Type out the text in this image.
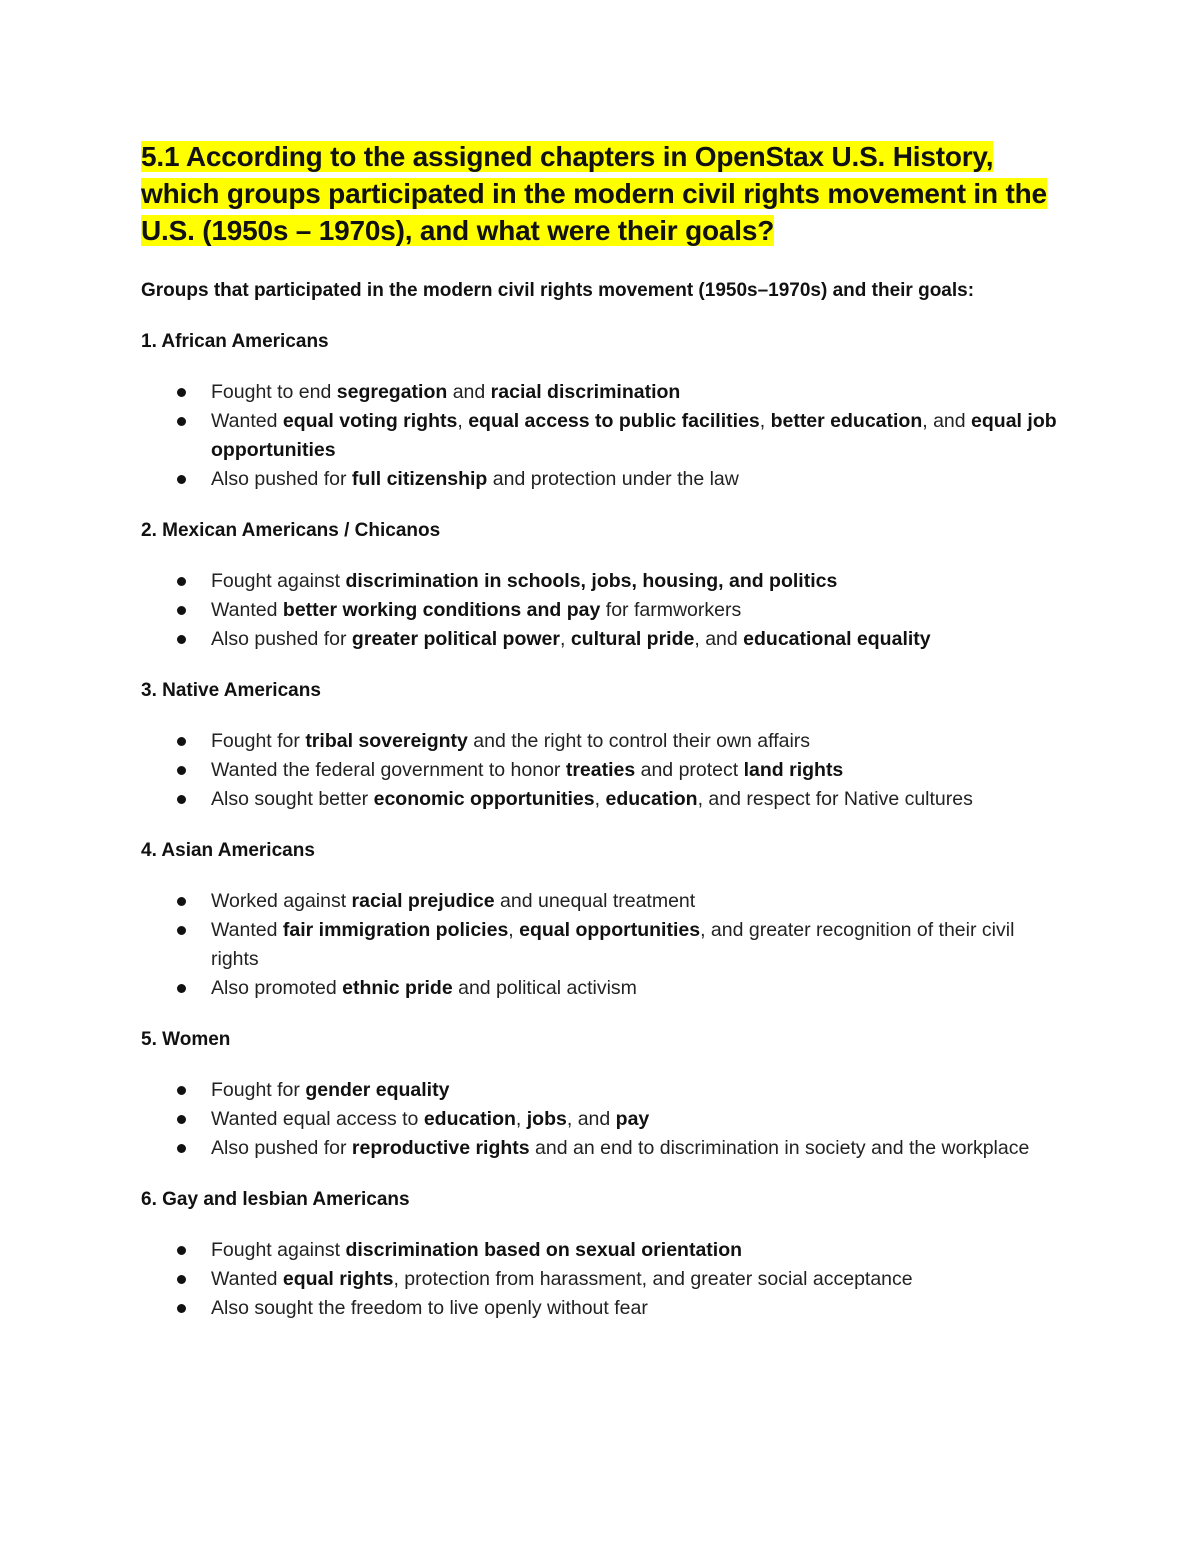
5.1 According to the assigned chapters in OpenStax U.S. History, which groups participated in the modern civil rights movement in the U.S. (1950s – 1970s), and what were their goals?

Groups that participated in the modern civil rights movement (1950s–1970s) and their goals:

1. African Americans

Fought to end segregation and racial discrimination
Wanted equal voting rights, equal access to public facilities, better education, and equal job opportunities
Also pushed for full citizenship and protection under the law

2. Mexican Americans / Chicanos

Fought against discrimination in schools, jobs, housing, and politics
Wanted better working conditions and pay for farmworkers
Also pushed for greater political power, cultural pride, and educational equality

3. Native Americans

Fought for tribal sovereignty and the right to control their own affairs
Wanted the federal government to honor treaties and protect land rights
Also sought better economic opportunities, education, and respect for Native cultures

4. Asian Americans

Worked against racial prejudice and unequal treatment
Wanted fair immigration policies, equal opportunities, and greater recognition of their civil rights
Also promoted ethnic pride and political activism

5. Women

Fought for gender equality
Wanted equal access to education, jobs, and pay
Also pushed for reproductive rights and an end to discrimination in society and the workplace

6. Gay and lesbian Americans

Fought against discrimination based on sexual orientation
Wanted equal rights, protection from harassment, and greater social acceptance
Also sought the freedom to live openly without fear
